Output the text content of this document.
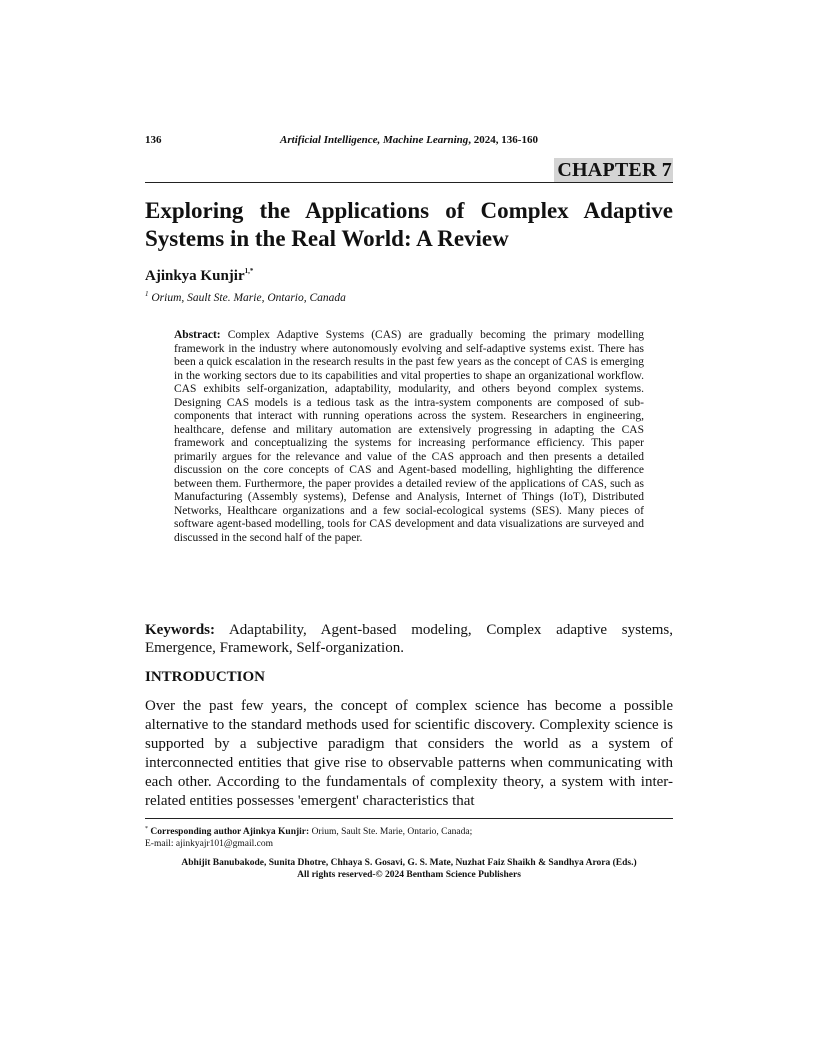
136	Artificial Intelligence, Machine Learning, 2024, 136-160
CHAPTER 7
Exploring the Applications of Complex Adaptive Systems in the Real World: A Review
Ajinkya Kunjir$^{1,*}$
$^1$ Orium, Sault Ste. Marie, Ontario, Canada

Abstract: Complex Adaptive Systems (CAS) are gradually becoming the primary modelling framework in the industry where autonomously evolving and self-adaptive systems exist. There has been a quick escalation in the research results in the past few years as the concept of CAS is emerging in the working sectors due to its capabilities and vital properties to shape an organizational workflow. CAS exhibits self-organization, adaptability, modularity, and others beyond complex systems. Designing CAS models is a tedious task as the intra-system components are composed of sub-components that interact with running operations across the system. Researchers in engineering, healthcare, defense and military automation are extensively progressing in adapting the CAS framework and conceptualizing the systems for increasing performance efficiency. This paper primarily argues for the relevance and value of the CAS approach and then presents a detailed discussion on the core concepts of CAS and Agent-based modelling, highlighting the difference between them. Furthermore, the paper provides a detailed review of the applications of CAS, such as Manufacturing (Assembly systems), Defense and Analysis, Internet of Things (IoT), Distributed Networks, Healthcare organizations and a few social-ecological systems (SES). Many pieces of software agent-based modelling, tools for CAS development and data visualizations are surveyed and discussed in the second half of the paper.

Keywords: Adaptability, Agent-based modeling, Complex adaptive systems, Emergence, Framework, Self-organization.

INTRODUCTION

Over the past few years, the concept of complex science has become a possible alternative to the standard methods used for scientific discovery. Complexity science is supported by a subjective paradigm that considers the world as a system of interconnected entities that give rise to observable patterns when communicating with each other. According to the fundamentals of complexity theory, a system with inter-related entities possesses 'emergent' characteristics that

* Corresponding author Ajinkya Kunjir: Orium, Sault Ste. Marie, Ontario, Canada;
E-mail: ajinkyajr101@gmail.com

Abhijit Banubakode, Sunita Dhotre, Chhaya S. Gosavi, G. S. Mate, Nuzhat Faiz Shaikh & Sandhya Arora (Eds.)
All rights reserved-© 2024 Bentham Science Publishers
